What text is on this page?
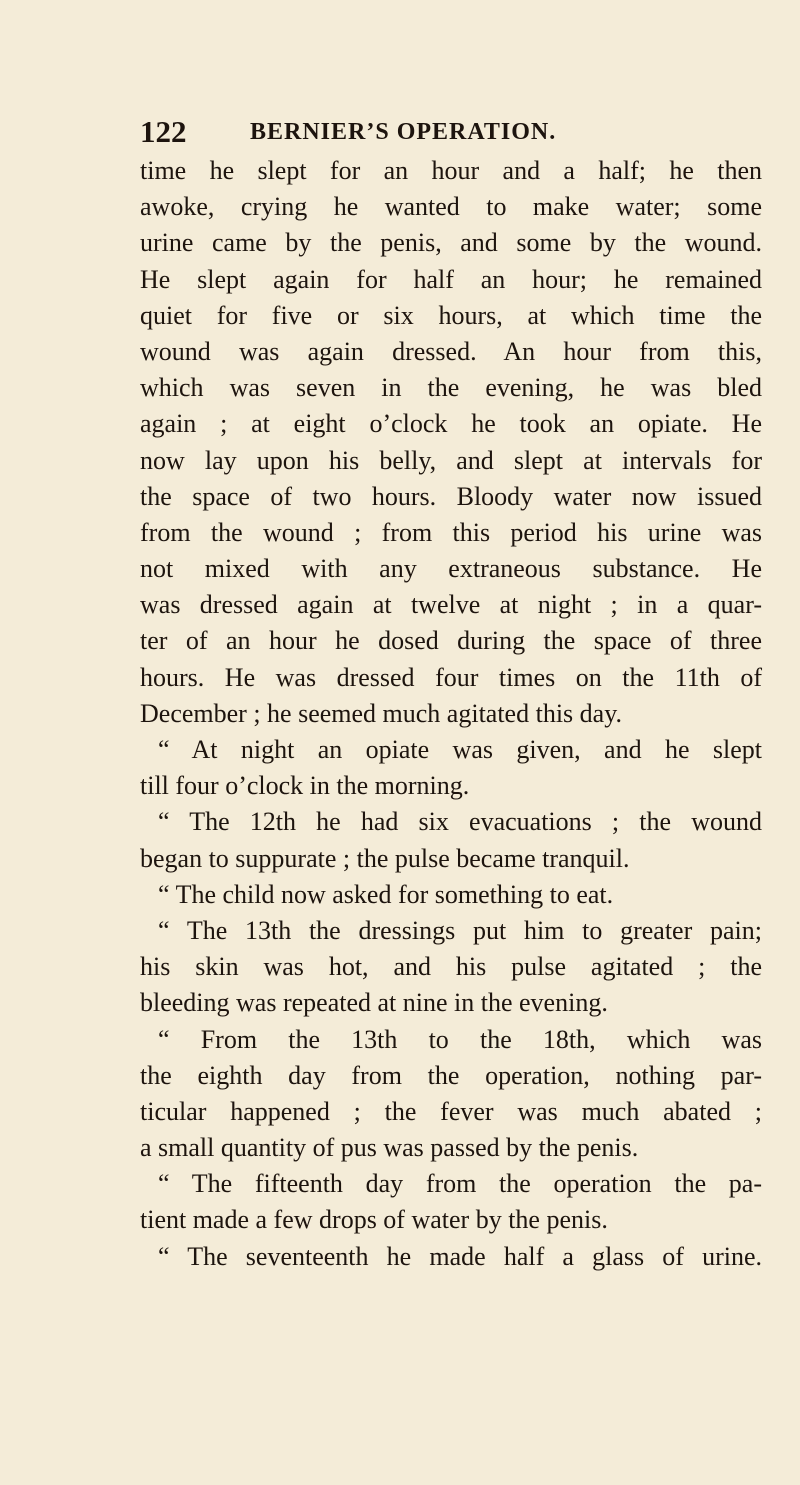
122	BERNIER’S OPERATION.
time he slept for an hour and a half; he then
awoke, crying he wanted to make water; some
urine came by the penis, and some by the wound.
He slept again for half an hour; he remained
quiet for five or six hours, at which time the
wound was again dressed. An hour from this,
which was seven in the evening, he was bled
again ; at eight o’clock he took an opiate. He
now lay upon his belly, and slept at intervals for
the space of two hours. Bloody water now issued
from the wound ; from this period his urine was
not mixed with any extraneous substance. He
was dressed again at twelve at night ; in a quar-
ter of an hour he dosed during the space of three
hours. He was dressed four times on the 11th of
December ; he seemed much agitated this day.
“ At night an opiate was given, and he slept
till four o’clock in the morning.
“ The 12th he had six evacuations ; the wound
began to suppurate ; the pulse became tranquil.
“ The child now asked for something to eat.
“ The 13th the dressings put him to greater pain;
his skin was hot, and his pulse agitated ; the
bleeding was repeated at nine in the evening.
“ From the 13th to the 18th, which was
the eighth day from the operation, nothing par-
ticular happened ; the fever was much abated ;
a small quantity of pus was passed by the penis.
“ The fifteenth day from the operation the pa-
tient made a few drops of water by the penis.
“ The seventeenth he made half a glass of urine.
